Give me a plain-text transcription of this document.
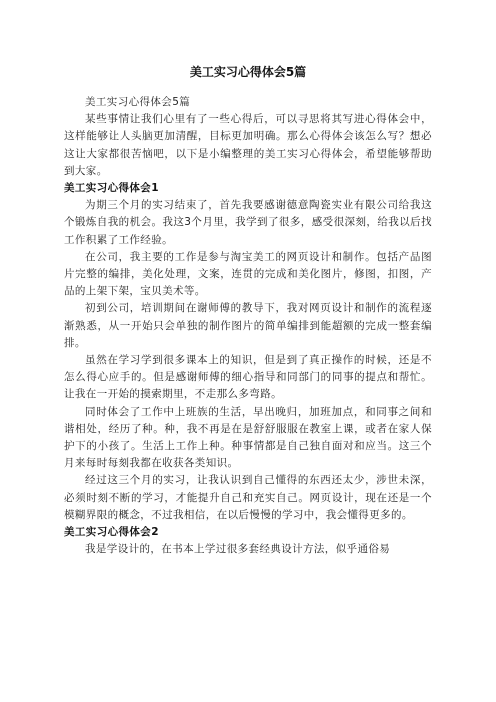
美工实习心得体会5篇

美工实习心得体会5篇

某些事情让我们心里有了一些心得后，可以寻思将其写进心得体会中，这样能够让人头脑更加清醒，目标更加明确。那么心得体会该怎么写？想必这让大家都很苦恼吧，以下是小编整理的美工实习心得体会，希望能够帮助到大家。

美工实习心得体会1

为期三个月的实习结束了，首先我要感谢德意陶瓷实业有限公司给我这个锻炼自我的机会。我这3个月里，我学到了很多，感受很深刻，给我以后找工作积累了工作经验。

在公司，我主要的工作是参与淘宝美工的网页设计和制作。包括产品图片完整的编排，美化处理，文案，连贯的完成和美化图片，修图，扣图，产品的上架下架，宝贝美术等。

初到公司，培训期间在谢师傅的教导下，我对网页设计和制作的流程逐渐熟悉，从一开始只会单独的制作图片的简单编排到能超额的完成一整套编排。

虽然在学习学到很多课本上的知识，但是到了真正操作的时候，还是不怎么得心应手的。但是感谢师傅的细心指导和同部门的同事的提点和帮忙。让我在一开始的摸索期里，不走那么多弯路。

同时体会了工作中上班族的生活，早出晚归，加班加点，和同事之间和谐相处，经历了种。种，我不再是在是舒舒服服在教室上课，或者在家人保护下的小孩了。生活上工作上种。种事情都是自己独自面对和应当。这三个月来每时每刻我都在收获各类知识。

经过这三个月的实习，让我认识到自己懂得的东西还太少，涉世未深，必须时刻不断的学习，才能提升自己和充实自己。网页设计，现在还是一个模糊界限的概念，不过我相信，在以后慢慢的学习中，我会懂得更多的。

美工实习心得体会2

我是学设计的，在书本上学过很多套经典设计方法，似乎通俗易
